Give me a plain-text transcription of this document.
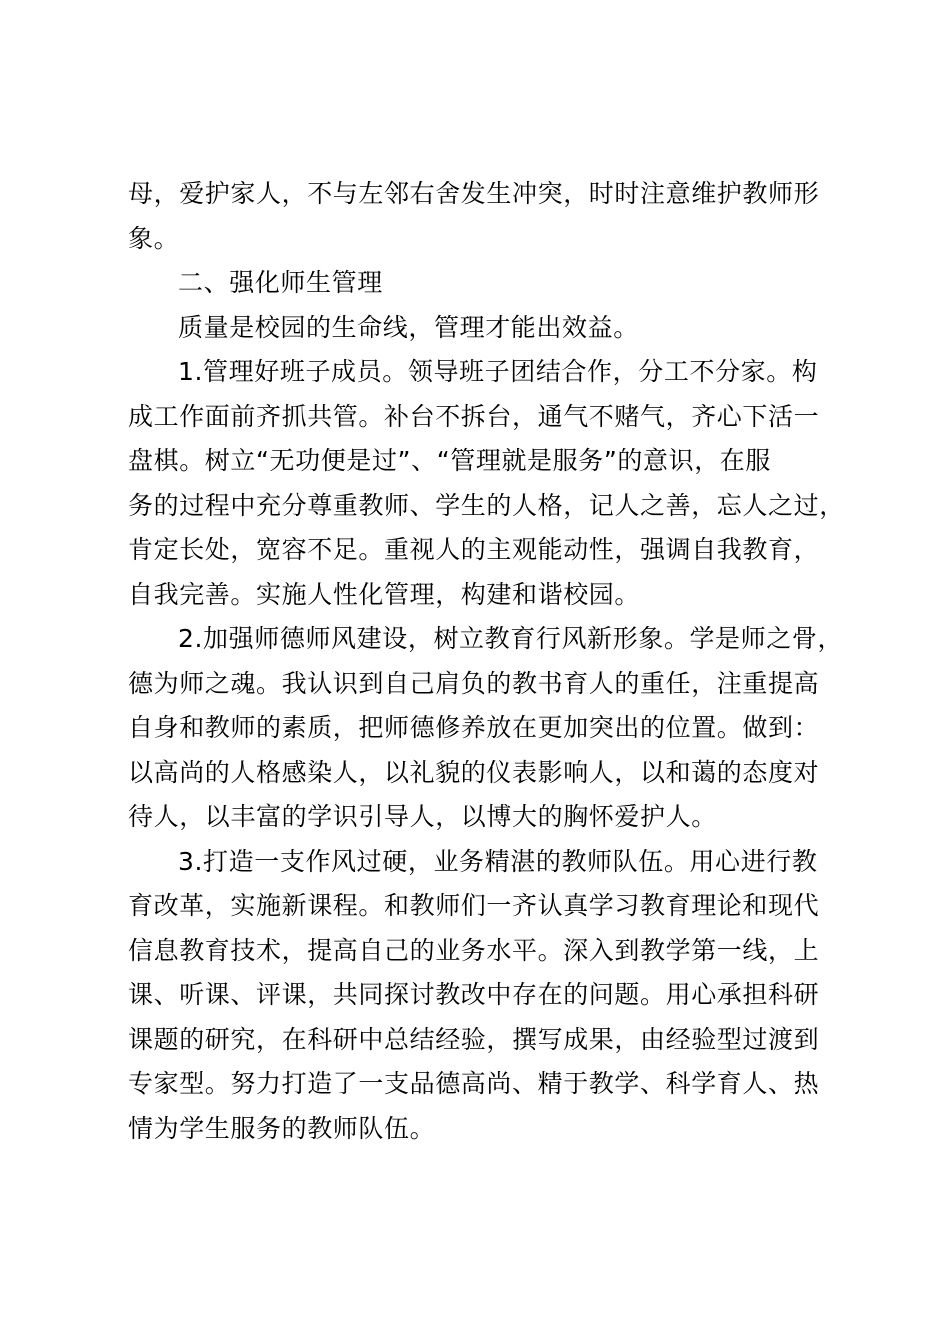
母，爱护家人，不与左邻右舍发生冲突，时时注意维护教师形
象。
二、强化师生管理
质量是校园的生命线，管理才能出效益。
1.管理好班子成员。领导班子团结合作，分工不分家。构
成工作面前齐抓共管。补台不拆台，通气不赌气，齐心下活一
盘棋。树立“无功便是过”、“管理就是服务”的意识，在服
务的过程中充分尊重教师、学生的人格，记人之善，忘人之过，
肯定长处，宽容不足。重视人的主观能动性，强调自我教育，
自我完善。实施人性化管理，构建和谐校园。
2.加强师德师风建设，树立教育行风新形象。学是师之骨，
德为师之魂。我认识到自己肩负的教书育人的重任，注重提高
自身和教师的素质，把师德修养放在更加突出的位置。做到：
以高尚的人格感染人，以礼貌的仪表影响人，以和蔼的态度对
待人，以丰富的学识引导人，以博大的胸怀爱护人。
3.打造一支作风过硬，业务精湛的教师队伍。用心进行教
育改革，实施新课程。和教师们一齐认真学习教育理论和现代
信息教育技术，提高自己的业务水平。深入到教学第一线，上
课、听课、评课，共同探讨教改中存在的问题。用心承担科研
课题的研究，在科研中总结经验，撰写成果，由经验型过渡到
专家型。努力打造了一支品德高尚、精于教学、科学育人、热
情为学生服务的教师队伍。
